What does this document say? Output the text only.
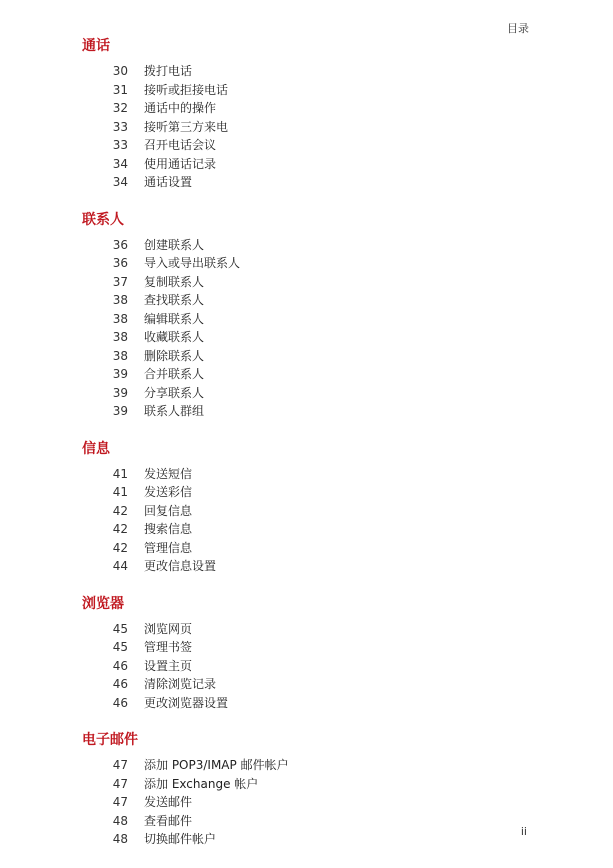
目录
通话
30 拨打电话
31 接听或拒接电话
32 通话中的操作
33 接听第三方来电
33 召开电话会议
34 使用通话记录
34 通话设置
联系人
36 创建联系人
36 导入或导出联系人
37 复制联系人
38 查找联系人
38 编辑联系人
38 收藏联系人
38 删除联系人
39 合并联系人
39 分享联系人
39 联系人群组
信息
41 发送短信
41 发送彩信
42 回复信息
42 搜索信息
42 管理信息
44 更改信息设置
浏览器
45 浏览网页
45 管理书签
46 设置主页
46 清除浏览记录
46 更改浏览器设置
电子邮件
47 添加 POP3/IMAP 邮件帐户
47 添加 Exchange 帐户
47 发送邮件
48 查看邮件
48 切换邮件帐户
ii
